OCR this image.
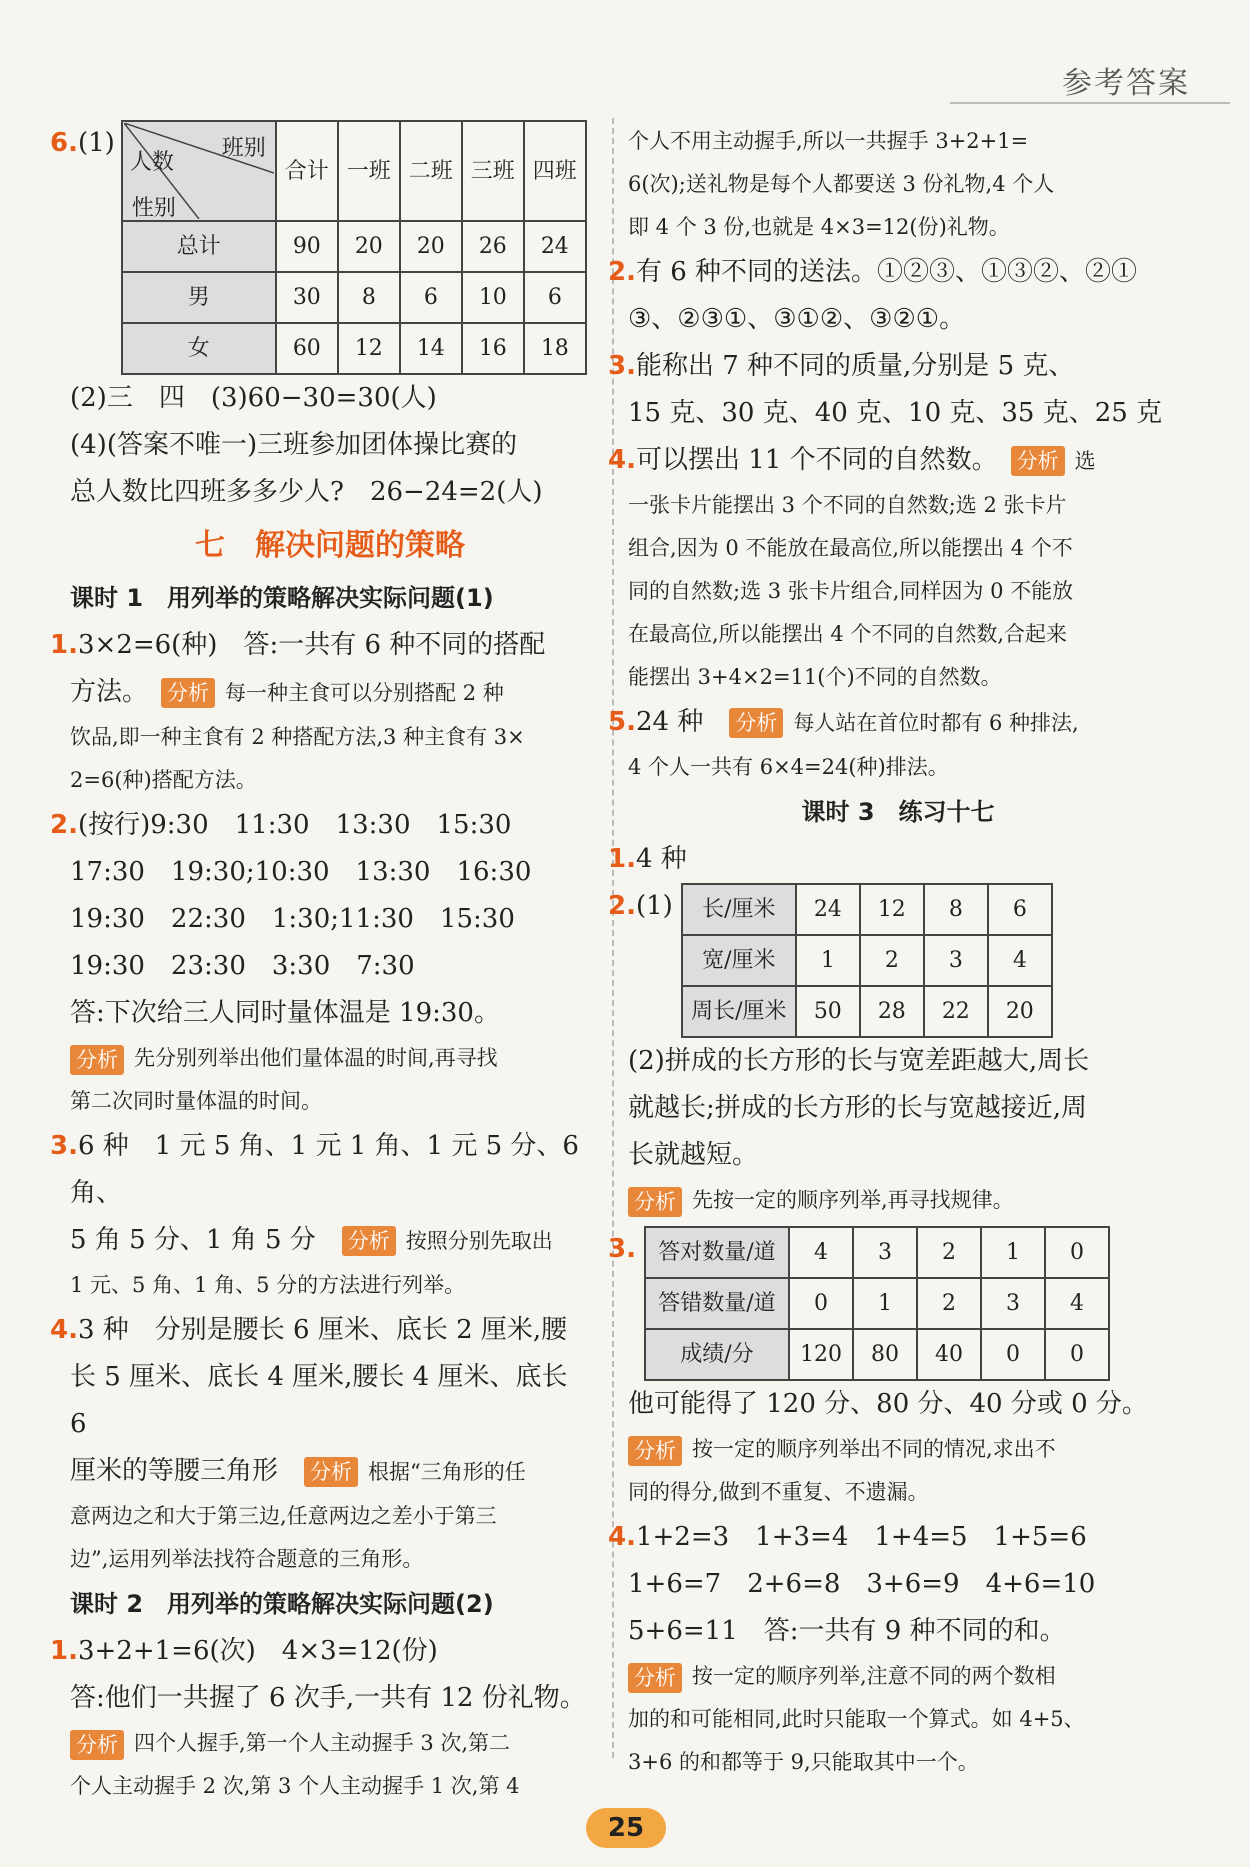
参考答案
6. (1)	班别
人数
性别	合计	一班	二班	三班	四班
总计	90	20	20	26	24
男	30	8	6	10	6
女	60	12	14	16	18

(2)三　四　(3)60−30=30(人)

(4)(答案不唯一)三班参加团体操比赛的

总人数比四班多多少人?　26−24=2(人)

七　解决问题的策略

课时 1　用列举的策略解决实际问题(1)

1.3×2=6(种)　答:一共有 6 种不同的搭配

方法。　 分析 每一种主食可以分别搭配 2 种

饮品,即一种主食有 2 种搭配方法,3 种主食有 3×

2=6(种)搭配方法。

2.(按行)9:30　11:30　13:30　15:30

17:30　19:30;10:30　13:30　16:30

19:30　22:30　1:30;11:30　15:30

19:30　23:30　3:30　7:30

答:下次给三人同时量体温是 19:30。

分析 先分别列举出他们量体温的时间,再寻找

第二次同时量体温的时间。

3.6 种　1 元 5 角、1 元 1 角、1 元 5 分、6 角、

5 角 5 分、1 角 5 分　 分析 按照分别先取出

1 元、5 角、1 角、5 分的方法进行列举。

4.3 种　分别是腰长 6 厘米、底长 2 厘米,腰

长 5 厘米、底长 4 厘米,腰长 4 厘米、底长 6

厘米的等腰三角形　 分析 根据“三角形的任

意两边之和大于第三边,任意两边之差小于第三

边”,运用列举法找符合题意的三角形。

课时 2　用列举的策略解决实际问题(2)

1.3+2+1=6(次)　4×3=12(份)

答:他们一共握了 6 次手,一共有 12 份礼物。

分析 四个人握手,第一个人主动握手 3 次,第二

个人主动握手 2 次,第 3 个人主动握手 1 次,第 4

个人不用主动握手,所以一共握手 3+2+1=

6(次);送礼物是每个人都要送 3 份礼物,4 个人

即 4 个 3 份,也就是 4×3=12(份)礼物。

2.有 6 种不同的送法。①②③、①③②、②①

③、②③①、③①②、③②①。

3.能称出 7 种不同的质量,分别是 5 克、

15 克、30 克、40 克、10 克、35 克、25 克

4.可以摆出 11 个不同的自然数。　 分析 选

一张卡片能摆出 3 个不同的自然数;选 2 张卡片

组合,因为 0 不能放在最高位,所以能摆出 4 个不

同的自然数;选 3 张卡片组合,同样因为 0 不能放

在最高位,所以能摆出 4 个不同的自然数,合起来

能摆出 3+4×2=11(个)不同的自然数。

5.24 种　 分析 每人站在首位时都有 6 种排法,

4 个人一共有 6×4=24(种)排法。

课时 3　练习十七

1.4 种

2. (1) 长/厘米	24	12	8	6
宽/厘米	1	2	3	4
周长/厘米	50	28	22	20

(2)拼成的长方形的长与宽差距越大,周长

就越长;拼成的长方形的长与宽越接近,周

长就越短。

分析 先按一定的顺序列举,再寻找规律。

3. 答对数量/道	4	3	2	1	0
答错数量/道	0	1	2	3	4
成绩/分	120	80	40	0	0

他可能得了 120 分、80 分、40 分或 0 分。

分析 按一定的顺序列举出不同的情况,求出不

同的得分,做到不重复、不遗漏。

4.1+2=3　1+3=4　1+4=5　1+5=6

1+6=7　2+6=8　3+6=9　4+6=10

5+6=11　答:一共有 9 种不同的和。

分析 按一定的顺序列举,注意不同的两个数相

加的和可能相同,此时只能取一个算式。如 4+5、

3+6 的和都等于 9,只能取其中一个。

25
